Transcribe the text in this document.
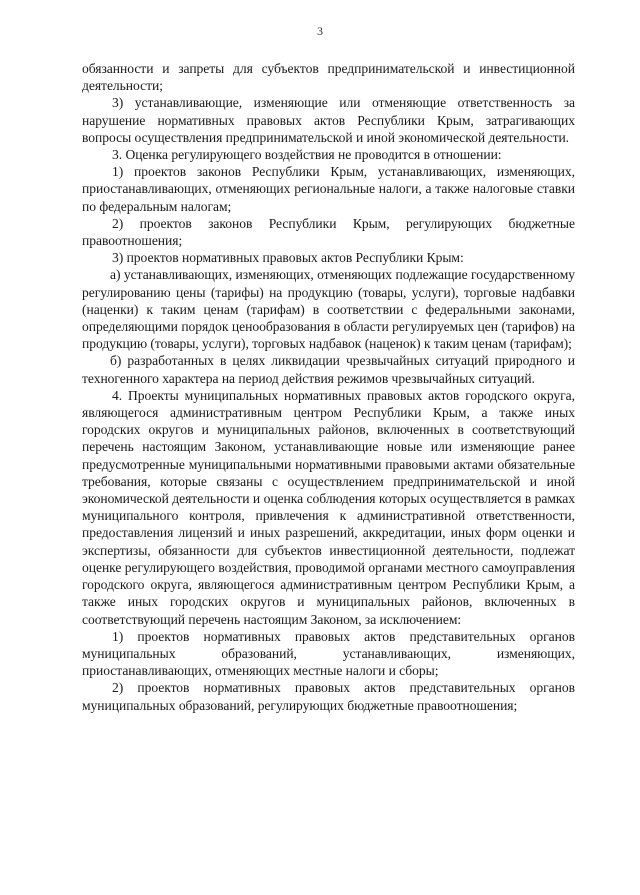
3

обязанности и запреты для субъектов предпринимательской и инвестиционной деятельности;

3) устанавливающие, изменяющие или отменяющие ответственность за нарушение нормативных правовых актов Республики Крым, затрагивающих вопросы осуществления предпринимательской и иной экономической деятельности.

3. Оценка регулирующего воздействия не проводится в отношении:

1) проектов законов Республики Крым, устанавливающих, изменяющих, приостанавливающих, отменяющих региональные налоги, а также налоговые ставки по федеральным налогам;

2) проектов законов Республики Крым, регулирующих бюджетные правоотношения;

3) проектов нормативных правовых актов Республики Крым:

а) устанавливающих, изменяющих, отменяющих подлежащие государственному регулированию цены (тарифы) на продукцию (товары, услуги), торговые надбавки (наценки) к таким ценам (тарифам) в соответствии с федеральными законами, определяющими порядок ценообразования в области регулируемых цен (тарифов) на продукцию (товары, услуги), торговых надбавок (наценок) к таким ценам (тарифам);

б) разработанных в целях ликвидации чрезвычайных ситуаций природного и техногенного характера на период действия режимов чрезвычайных ситуаций.

4. Проекты муниципальных нормативных правовых актов городского округа, являющегося административным центром Республики Крым, а также иных городских округов и муниципальных районов, включенных в соответствующий перечень настоящим Законом, устанавливающие новые или изменяющие ранее предусмотренные муниципальными нормативными правовыми актами обязательные требования, которые связаны с осуществлением предпринимательской и иной экономической деятельности и оценка соблюдения которых осуществляется в рамках муниципального контроля, привлечения к административной ответственности, предоставления лицензий и иных разрешений, аккредитации, иных форм оценки и экспертизы, обязанности для субъектов инвестиционной деятельности, подлежат оценке регулирующего воздействия, проводимой органами местного самоуправления городского округа, являющегося административным центром Республики Крым, а также иных городских округов и муниципальных районов, включенных в соответствующий перечень настоящим Законом, за исключением:

1) проектов нормативных правовых актов представительных органов муниципальных образований, устанавливающих, изменяющих, приостанавливающих, отменяющих местные налоги и сборы;

2) проектов нормативных правовых актов представительных органов муниципальных образований, регулирующих бюджетные правоотношения;
